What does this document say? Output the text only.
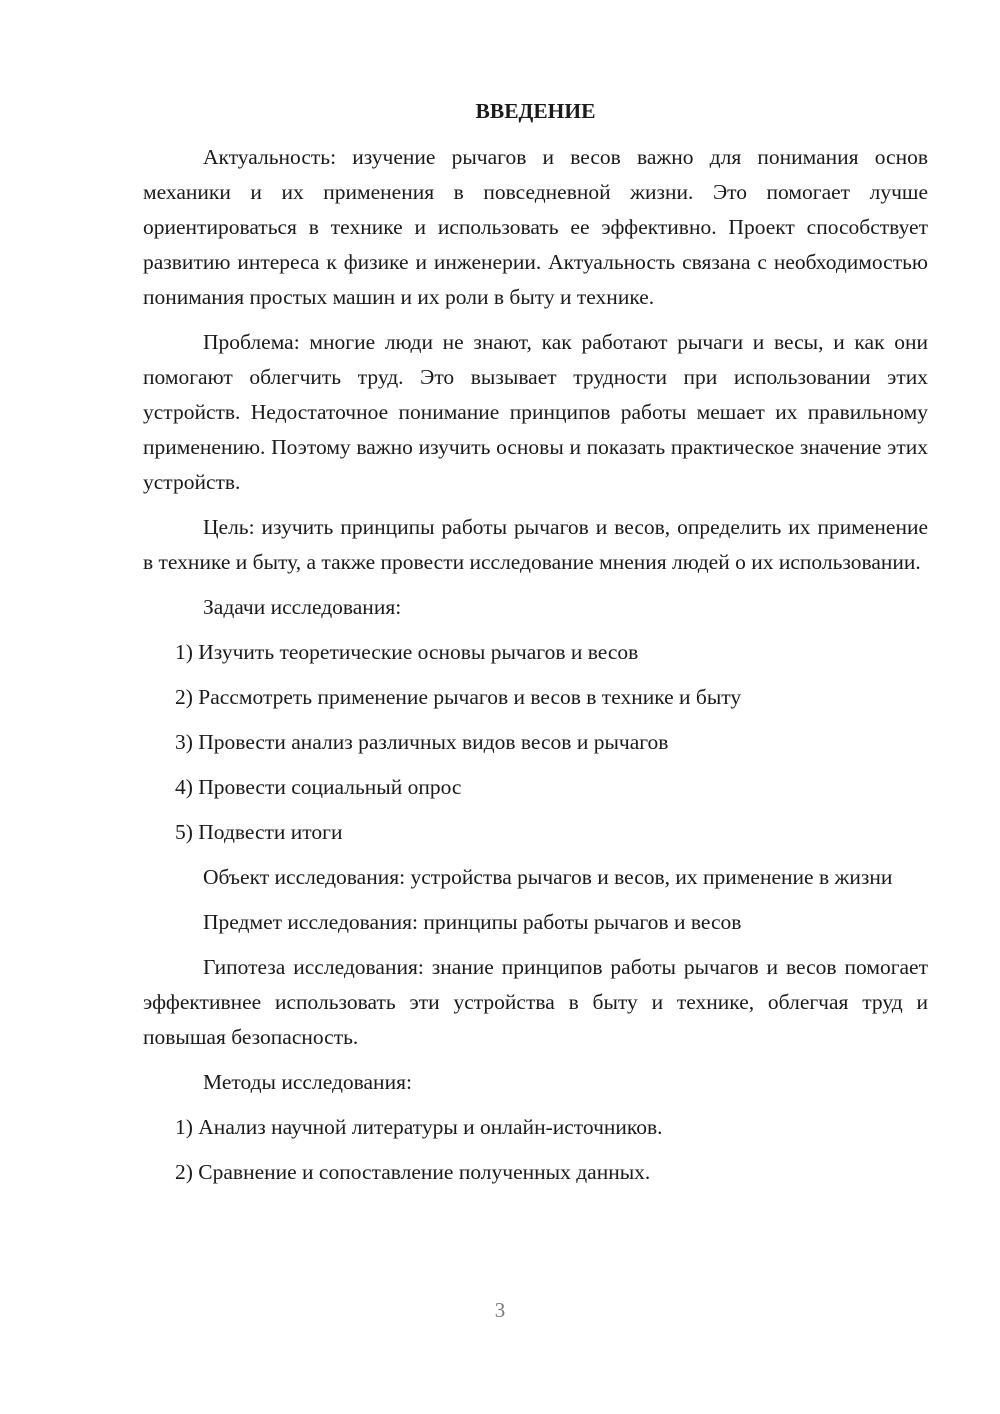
ВВЕДЕНИЕ

Актуальность: изучение рычагов и весов важно для понимания основ механики и их применения в повседневной жизни. Это помогает лучше ориентироваться в технике и использовать ее эффективно. Проект способствует развитию интереса к физике и инженерии. Актуальность связана с необходимостью понимания простых машин и их роли в быту и технике.

Проблема: многие люди не знают, как работают рычаги и весы, и как они помогают облегчить труд. Это вызывает трудности при использовании этих устройств. Недостаточное понимание принципов работы мешает их правильному применению. Поэтому важно изучить основы и показать практическое значение этих устройств.

Цель: изучить принципы работы рычагов и весов, определить их применение в технике и быту, а также провести исследование мнения людей о их использовании.

Задачи исследования:
1) Изучить теоретические основы рычагов и весов
2) Рассмотреть применение рычагов и весов в технике и быту
3) Провести анализ различных видов весов и рычагов
4) Провести социальный опрос
5) Подвести итоги

Объект исследования: устройства рычагов и весов, их применение в жизни

Предмет исследования: принципы работы рычагов и весов

Гипотеза исследования: знание принципов работы рычагов и весов помогает эффективнее использовать эти устройства в быту и технике, облегчая труд и повышая безопасность.

Методы исследования:
1) Анализ научной литературы и онлайн-источников.
2) Сравнение и сопоставление полученных данных.
3
